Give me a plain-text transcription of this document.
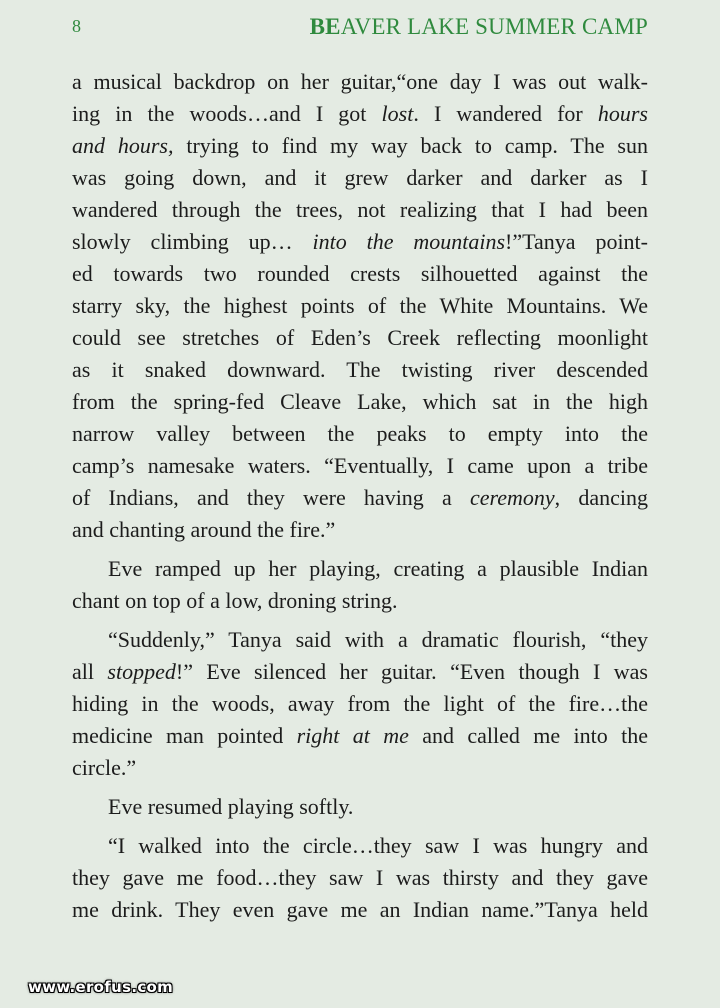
8	BEAVER LAKE SUMMER CAMP
a musical backdrop on her guitar,“one day I was out walk-
ing in the woods…and I got lost. I wandered for hours
and hours, trying to find my way back to camp. The sun
was going down, and it grew darker and darker as I
wandered through the trees, not realizing that I had been
slowly climbing up… into the mountains!”Tanya point-
ed towards two rounded crests silhouetted against the
starry sky, the highest points of the White Mountains. We
could see stretches of Eden’s Creek reflecting moonlight
as it snaked downward. The twisting river descended
from the spring-fed Cleave Lake, which sat in the high
narrow valley between the peaks to empty into the
camp’s namesake waters. “Eventually, I came upon a tribe
of Indians, and they were having a ceremony, dancing
and chanting around the fire.”
Eve ramped up her playing, creating a plausible Indian
chant on top of a low, droning string.
“Suddenly,” Tanya said with a dramatic flourish, “they
all stopped!” Eve silenced her guitar. “Even though I was
hiding in the woods, away from the light of the fire…the
medicine man pointed right at me and called me into the
circle.”
Eve resumed playing softly.
“I walked into the circle…they saw I was hungry and
they gave me food…they saw I was thirsty and they gave
me drink. They even gave me an Indian name.”Tanya held
www.erofus.com
